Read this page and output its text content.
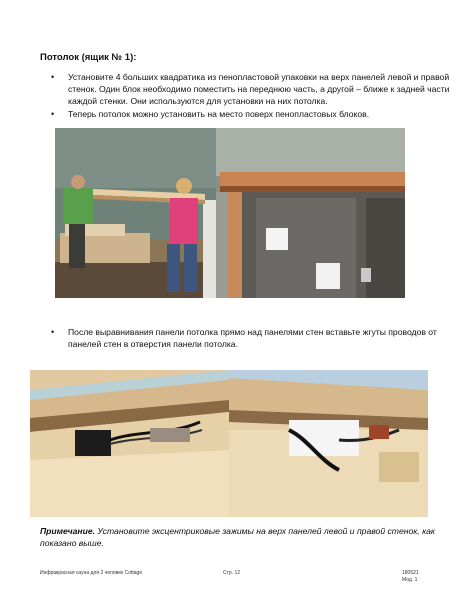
Потолок (ящик № 1):
• Установите 4 больших квадратика из пенопластовой упаковки на верх панелей левой и правой стенок. Один блок необходимо поместить на переднюю часть, а другой – ближе к задней части каждой стенки. Они используются для установки на них потолка.
• Теперь потолок можно установить на место поверх пенопластовых блоков.
• После выравнивания панели потолка прямо над панелями стен вставьте жгуты проводов от панелей стен в отверстия панели потолка.
Примечание. Установите эксцентриковые зажимы на верх панелей левой и правой стенок, как показано выше.
Инфракрасная сауна для 2 человек Cottage	Стр. 12	180521
Мод. 1
